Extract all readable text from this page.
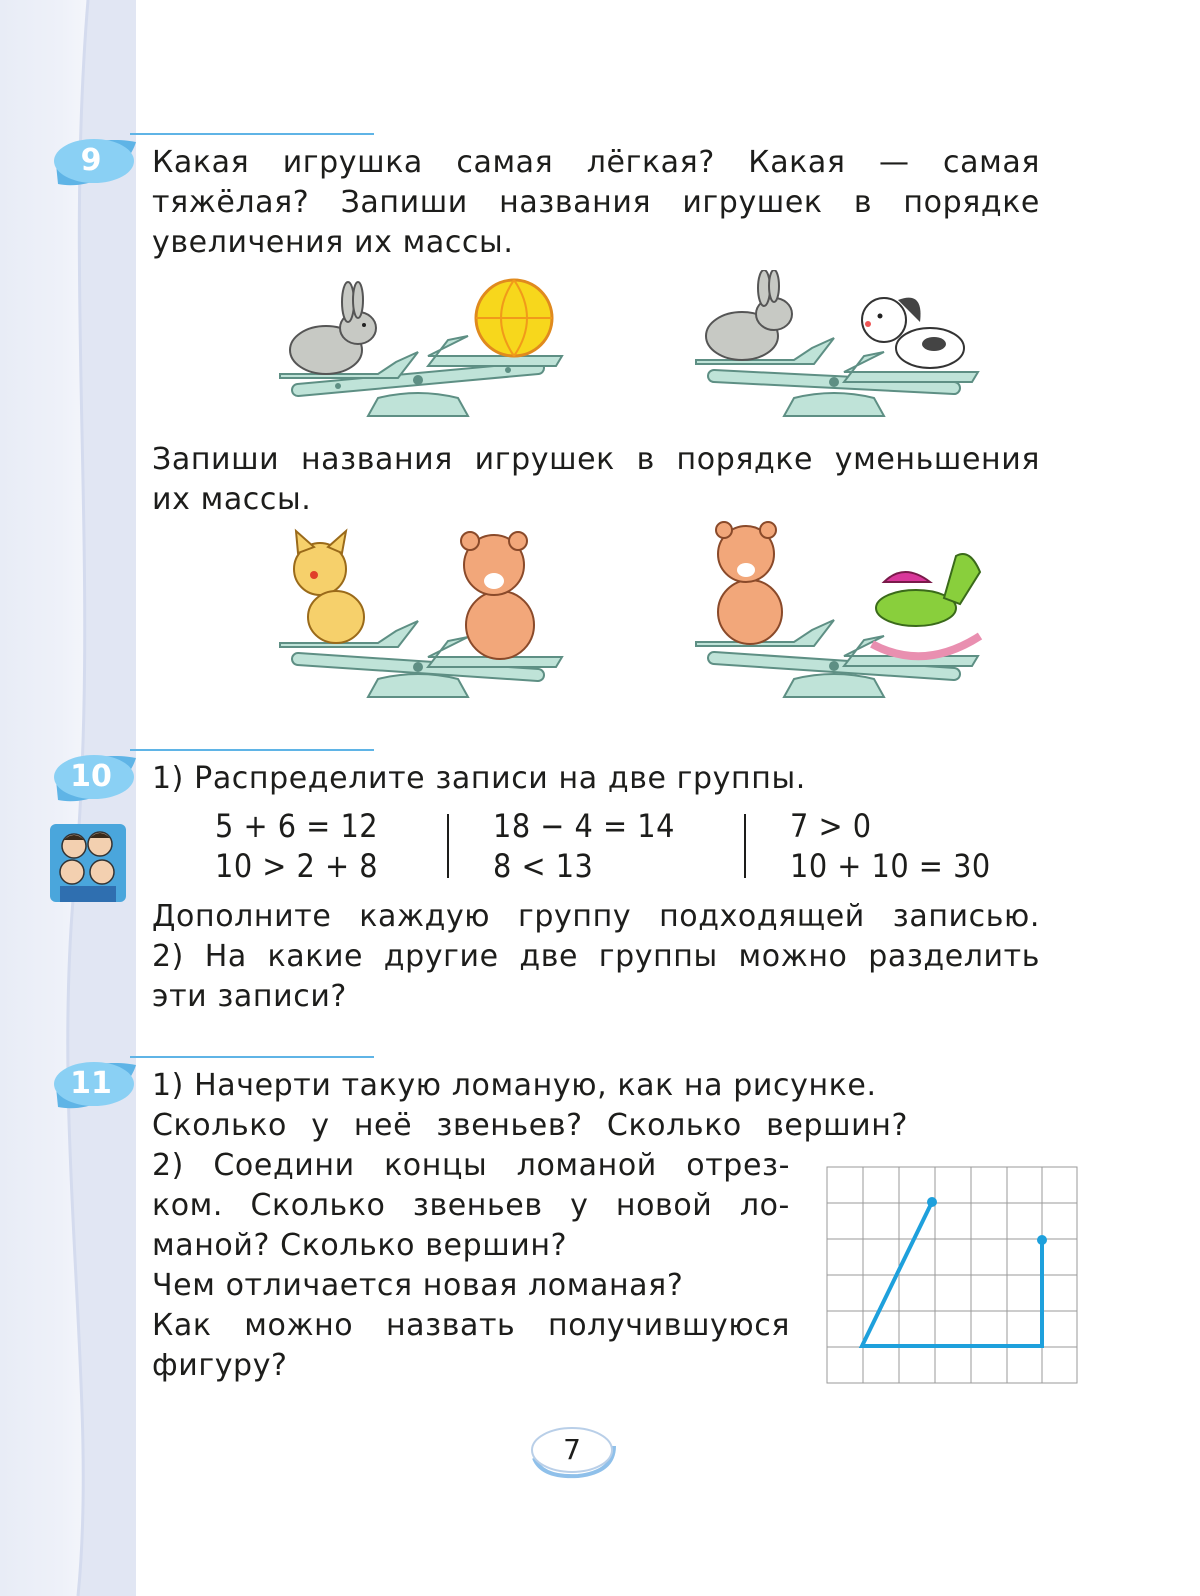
9	Какая игрушка самая лёгкая? Какая — самая
тяжёлая? Запиши названия игрушек в порядке
увеличения их массы.
Запиши названия игрушек в порядке уменьшения
их массы.
10	1) Распределите записи на две группы.
5 + 6 = 12
10 > 2 + 8
18 − 4 = 14
8 < 13
7 > 0
10 + 10 = 30
Дополните каждую группу подходящей записью.
2) На какие другие две группы можно разделить
эти записи?
11	1) Начерти такую ломаную, как на рисунке.
Сколько у неё звеньев? Сколько вершин?
2) Соедини концы ломаной отрез-
ком. Сколько звеньев у новой ло-
маной? Сколько вершин?
Чем отличается новая ломаная?
Как можно назвать получившуюся
фигуру?
7
